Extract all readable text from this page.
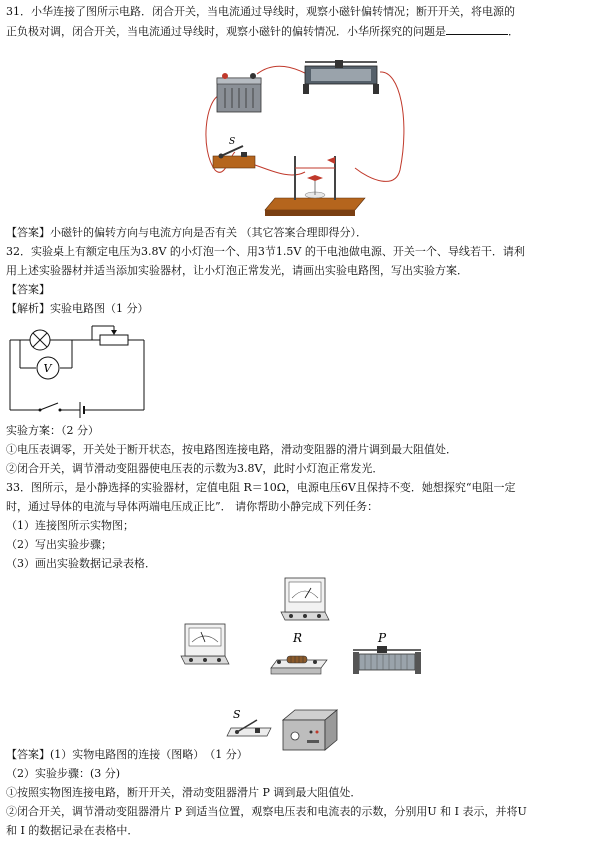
31．小华连接了图所示电路．闭合开关，当电流通过导线时，观察小磁针偏转情况；断开开关，将电源的
正负极对调，闭合开关，当电流通过导线时，观察小磁针的偏转情况．小华所探究的问题是	．
S
【答案】小磁针的偏转方向与电流方向是否有关 （其它答案合理即得分）．
32．实验桌上有额定电压为3.8V 的小灯泡一个、用3节1.5V 的干电池做电源、开关一个、导线若干．请利
用上述实验器材并适当添加实验器材，让小灯泡正常发光，请画出实验电路图，写出实验方案．
【答案】
【解析】实验电路图（1 分）
V
实验方案：（2 分）
①电压表调零，开关处于断开状态，按电路图连接电路，滑动变阻器的滑片调到最大阻值处．
②闭合开关，调节滑动变阻器使电压表的示数为3.8V，此时小灯泡正常发光．
33．图所示，是小静选择的实验器材，定值电阻 R＝10Ω，电源电压6V且保持不变．她想探究“电阻一定
时，通过导体的电流与导体两端电压成正比”． 请你帮助小静完成下列任务：
（1）连接图所示实物图；
（2）写出实验步骤；
（3）画出实验数据记录表格．
R	P
S
【答案】(1）实物电路图的连接（图略）　（1 分）
（2）实验步骤：(3 分)
①按照实物图连接电路，断开开关，滑动变阻器滑片 P 调到最大阻值处．
②闭合开关，调节滑动变阻器滑片 P 到适当位置，观察电压表和电流表的示数，分别用U 和 I 表示，并将U
和 I 的数据记录在表格中．
